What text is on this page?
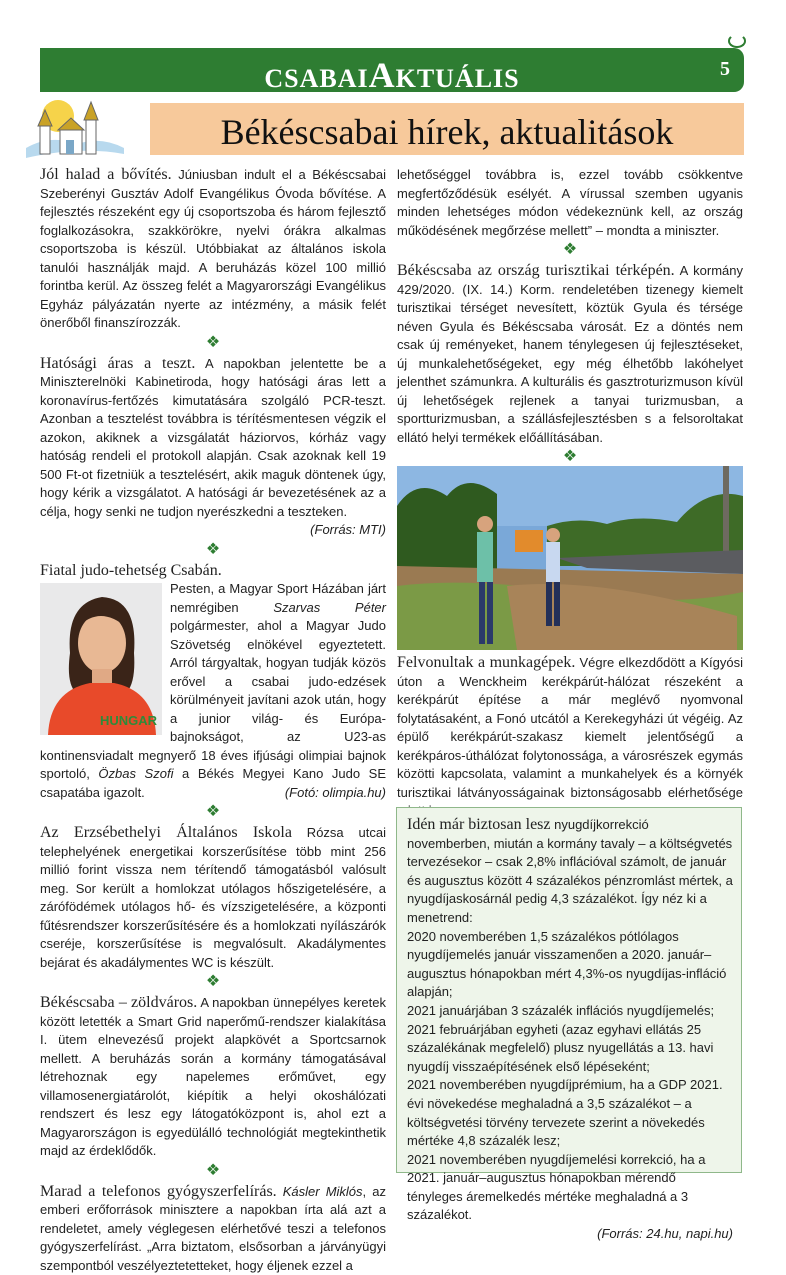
CSABAIAKTUÁLIS	5
Békéscsabai hírek, aktualitások

Jól halad a bővítés. Júniusban indult el a Békéscsabai Szeberényi Gusztáv Adolf Evangélikus Óvoda bővítése. A fejlesztés részeként egy új csoportszoba és három fejlesztő foglalkozásokra, szakkörökre, nyelvi órákra alkalmas csoportszoba is készül. Utóbbiakat az általános iskola tanulói használják majd. A beruházás közel 100 millió forintba kerül. Az összeg felét a Magyarországi Evangélikus Egyház pályázatán nyerte az intézmény, a másik felét önerőből finanszírozzák.

❖

Hatósági áras a teszt. A napokban jelentette be a Miniszterelnöki Kabinetiroda, hogy hatósági áras lett a koronavírus-fertőzés kimutatására szolgáló PCR-teszt. Azonban a tesztelést továbbra is térítésmentesen végzik el azokon, akiknek a vizsgálatát háziorvos, kórház vagy hatóság rendeli el protokoll alapján. Csak azoknak kell 19 500 Ft-ot fizetniük a tesztelésért, akik maguk döntenek úgy, hogy kérik a vizsgálatot. A hatósági ár bevezetésének az a célja, hogy senki ne tudjon nyerészkedni a teszteken.
(Forrás: MTI)

❖

Fiatal judo-tehetség Csabán.

HUNGAR
Pesten, a Magyar Sport Házában járt nemrégiben Szarvas Péter polgármester, ahol a Magyar Judo Szövetség elnökével egyeztetett. Arról tárgyaltak, hogyan tudják közös erővel a csabai judo-edzések körülményeit javítani azok után, hogy a junior világ- és Európa-bajnokságot, az U23-as kontinensviadalt megnyerő 18 éves ifjúsági olimpiai bajnok sportoló, Özbas Szofi a Békés Megyei Kano Judo SE csapatába igazolt.	(Fotó: olimpia.hu)
❖

Az Erzsébethelyi Általános Iskola Rózsa utcai telephelyének energetikai korszerűsítése több mint 256 millió forint vissza nem térítendő támogatásból valósult meg. Sor került a homlokzat utólagos hőszigetelésére, a zárófödémek utólagos hő- és vízszigetelésére, a központi fűtésrendszer korszerűsítésére és a homlokzati nyílászárók cseréje, korszerűsítése is megvalósult. Akadálymentes bejárat és akadálymentes WC is készült.

❖

Békéscsaba – zöldváros. A napokban ünnepélyes keretek között letették a Smart Grid naperőmű-rendszer kialakítása I. ütem elnevezésű projekt alapkövét a Sportcsarnok mellett. A beruházás során a kormány támogatásával létrehoznak egy napelemes erőművet, egy villamosenergiatárolót, kiépítik a helyi okoshálózati rendszert és lesz egy látogatóközpont is, ahol ezt a Magyarországon is egyedülálló technológiát megtekinthetik majd az érdeklődők.

❖

Marad a telefonos gyógyszerfelírás. Kásler Miklós, az emberi erőforrások minisztere a napokban írta alá azt a rendeletet, amely véglegesen elérhetővé teszi a telefonos gyógyszerfelírást. „Arra biztatom, elsősorban a járványügyi szempontból veszélyeztetetteket, hogy éljenek ezzel a

lehetőséggel továbbra is, ezzel tovább csökkentve megfertőződésük esélyét. A vírussal szemben ugyanis minden lehetséges módon védekeznünk kell, az ország működésének megőrzése mellett” – mondta a miniszter.

❖

Békéscsaba az ország turisztikai térképén. A kormány 429/2020. (IX. 14.) Korm. rendeletében tizenegy kiemelt turisztikai térséget nevesített, köztük Gyula és térsége néven Gyula és Békéscsaba városát. Ez a döntés nem csak új reményeket, hanem ténylegesen új fejlesztéseket, új munkalehetőségeket, egy még élhetőbb lakóhelyet jelenthet számunkra. A kulturális és gasztroturizmuson kívül új lehetőségek rejlenek a tanyai turizmusban, a sportturizmusban, a szállásfejlesztésben s a felsoroltakat ellátó helyi termékek előállításában.

❖

Felvonultak a munkagépek. Végre elkezdődött a Kígyósi úton a Wenckheim kerékpárút-hálózat részeként a kerékpárút építése a már meglévő nyomvonal folytatásaként, a Fonó utcától a Kerekegyházi út végéig. Az épülő kerékpárút-szakasz kiemelt jelentőségű a kerékpáros-úthálózat folytonossága, a városrészek egymás közötti kapcsolata, valamint a munkahelyek és a környék turisztikai látványosságainak biztonságosabb elérhetősége

Idén már biztosan lesz nyugdíjkorrekció novemberben, miután a kormány tavaly – a költségvetés tervezésekor – csak 2,8% inflációval számolt, de január és augusztus között 4 százalékos pénzromlást mértek, a nyugdíjaskosárnál pedig 4,3 százalékot. Így néz ki a menetrend:

2020 novemberében 1,5 százalékos pótlólagos nyugdíjemelés január visszamenően a 2020. január–augusztus hónapokban mért 4,3%-os nyugdíjas-infláció alapján;

2021 januárjában 3 százalék inflációs nyugdíjemelés;

2021 februárjában egyheti (azaz egyhavi ellátás 25 százalékának megfelelő) plusz nyugellátás a 13. havi nyugdíj visszaépítésének első lépéseként;

2021 novemberében nyugdíjprémium, ha a GDP 2021. évi növekedése meghaladná a 3,5 százalékot – a költségvetési törvény tervezete szerint a növekedés mértéke 4,8 százalék lesz;

2021 novemberében nyugdíjemelési korrekció, ha a 2021. január–augusztus hónapokban mérendő tényleges áremelkedés mértéke meghaladná a 3 százalékot.

(Forrás: 24.hu, napi.hu)
